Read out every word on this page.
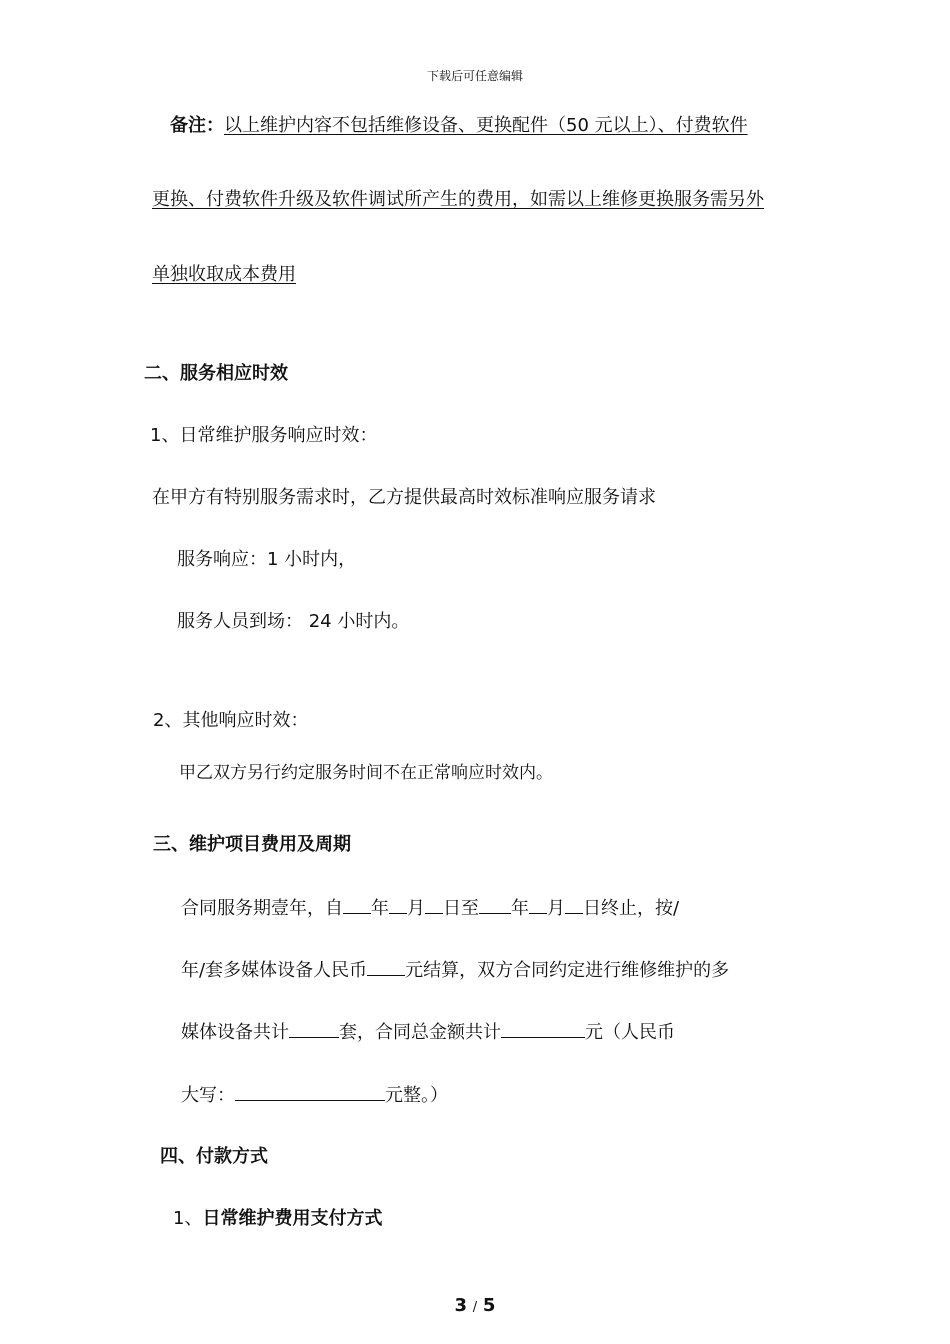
下载后可任意编辑
备注：以上维护内容不包括维修设备、更换配件（50 元以上）、付费软件
更换、付费软件升级及软件调试所产生的费用，如需以上维修更换服务需另外
单独收取成本费用
二、服务相应时效
1、日常维护服务响应时效：
在甲方有特别服务需求时，乙方提供最高时效标准响应服务请求
服务响应：1 小时内，
服务人员到场： 24 小时内。
2、其他响应时效：
甲乙双方另行约定服务时间不在正常响应时效内。
三、维护项目费用及周期
合同服务期壹年，自 年 月 日至 年 月 日终止，按/
年/套多媒体设备人民币 元结算，双方合同约定进行维修维护的多
媒体设备共计	套，合同总金额共计	元（人民币
大写：	元整。）
四、付款方式
1、日常维护费用支付方式
3 / 5
